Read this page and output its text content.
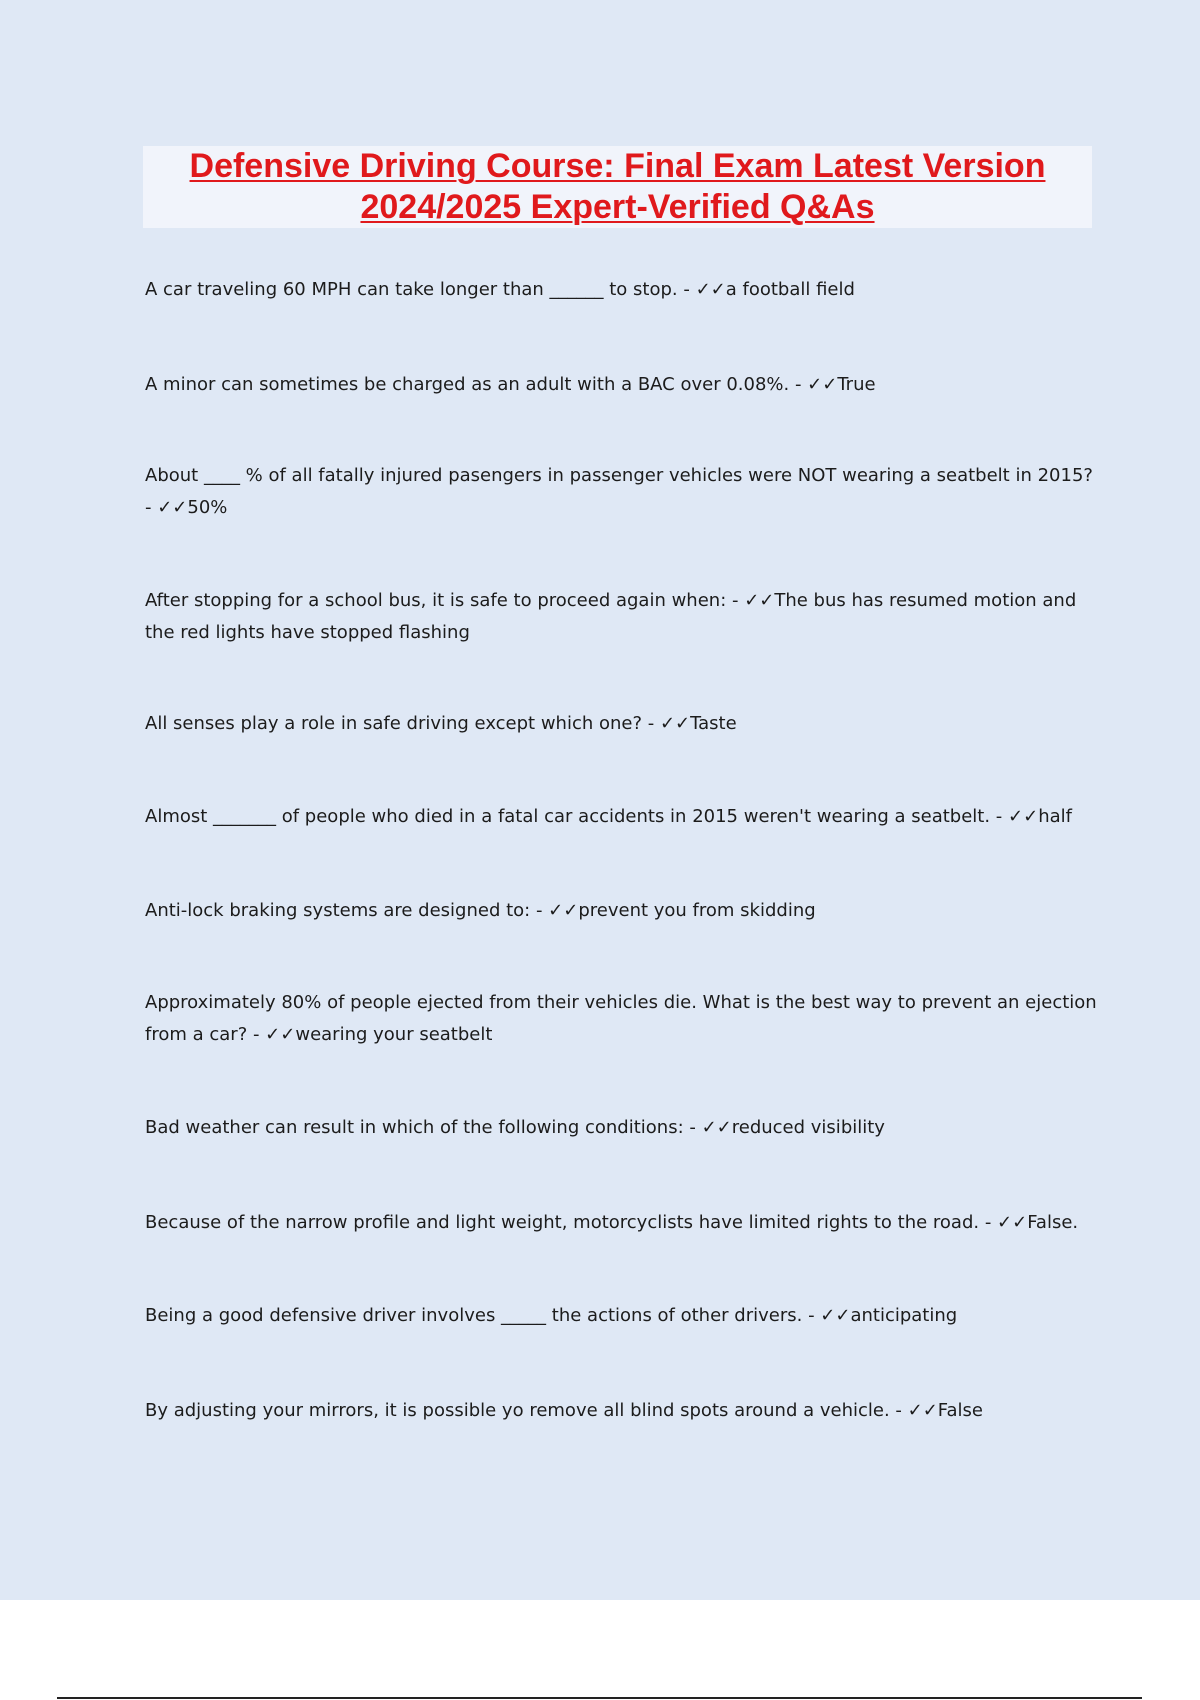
Defensive Driving Course: Final Exam Latest Version
2024/2025 Expert-Verified Q&As

A car traveling 60 MPH can take longer than ______ to stop. - ✓✓a football field

A minor can sometimes be charged as an adult with a BAC over 0.08%. - ✓✓True

About ____ % of all fatally injured pasengers in passenger vehicles were NOT wearing a seatbelt in 2015? - ✓✓50%

After stopping for a school bus, it is safe to proceed again when: - ✓✓The bus has resumed motion and the red lights have stopped flashing

All senses play a role in safe driving except which one? - ✓✓Taste

Almost _______ of people who died in a fatal car accidents in 2015 weren't wearing a seatbelt. - ✓✓half

Anti-lock braking systems are designed to: - ✓✓prevent you from skidding

Approximately 80% of people ejected from their vehicles die. What is the best way to prevent an ejection from a car? - ✓✓wearing your seatbelt

Bad weather can result in which of the following conditions: - ✓✓reduced visibility

Because of the narrow profile and light weight, motorcyclists have limited rights to the road. - ✓✓False.

Being a good defensive driver involves _____ the actions of other drivers. - ✓✓anticipating

By adjusting your mirrors, it is possible yo remove all blind spots around a vehicle. - ✓✓False
